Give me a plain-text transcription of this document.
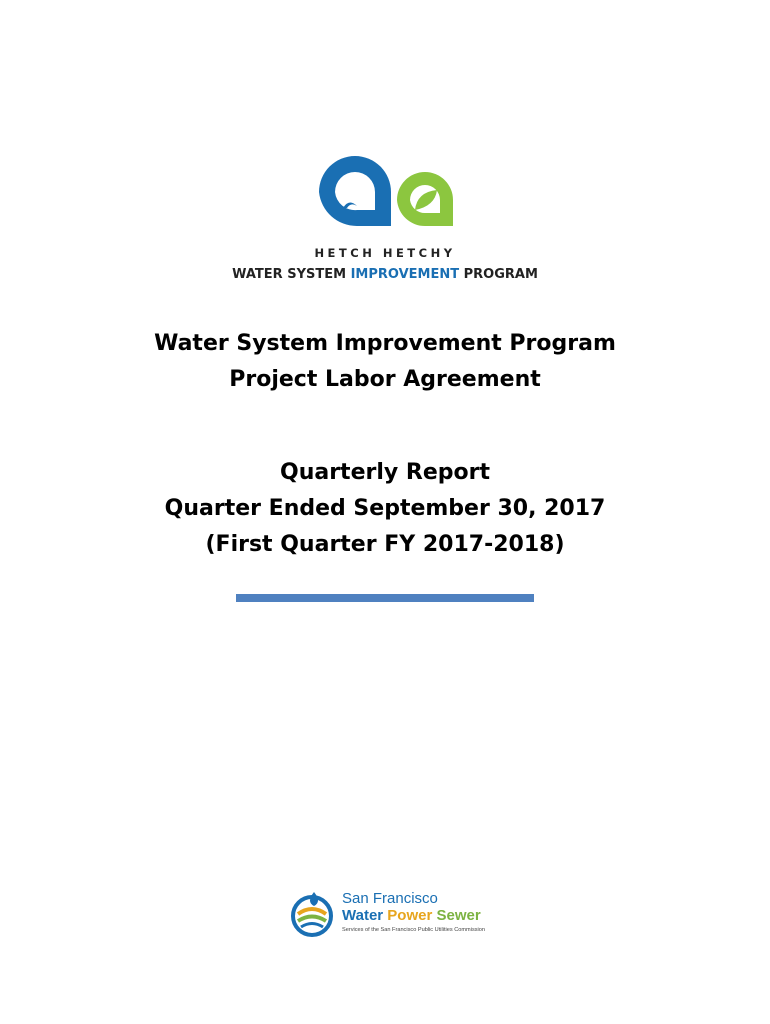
HETCH HETCHY
WATER SYSTEM IMPROVEMENT PROGRAM
Water System Improvement Program
Project Labor Agreement
Quarterly Report
Quarter Ended September 30, 2017
(First Quarter FY 2017-2018)
San Francisco
Water Power Sewer
Services of the San Francisco Public Utilities Commission
